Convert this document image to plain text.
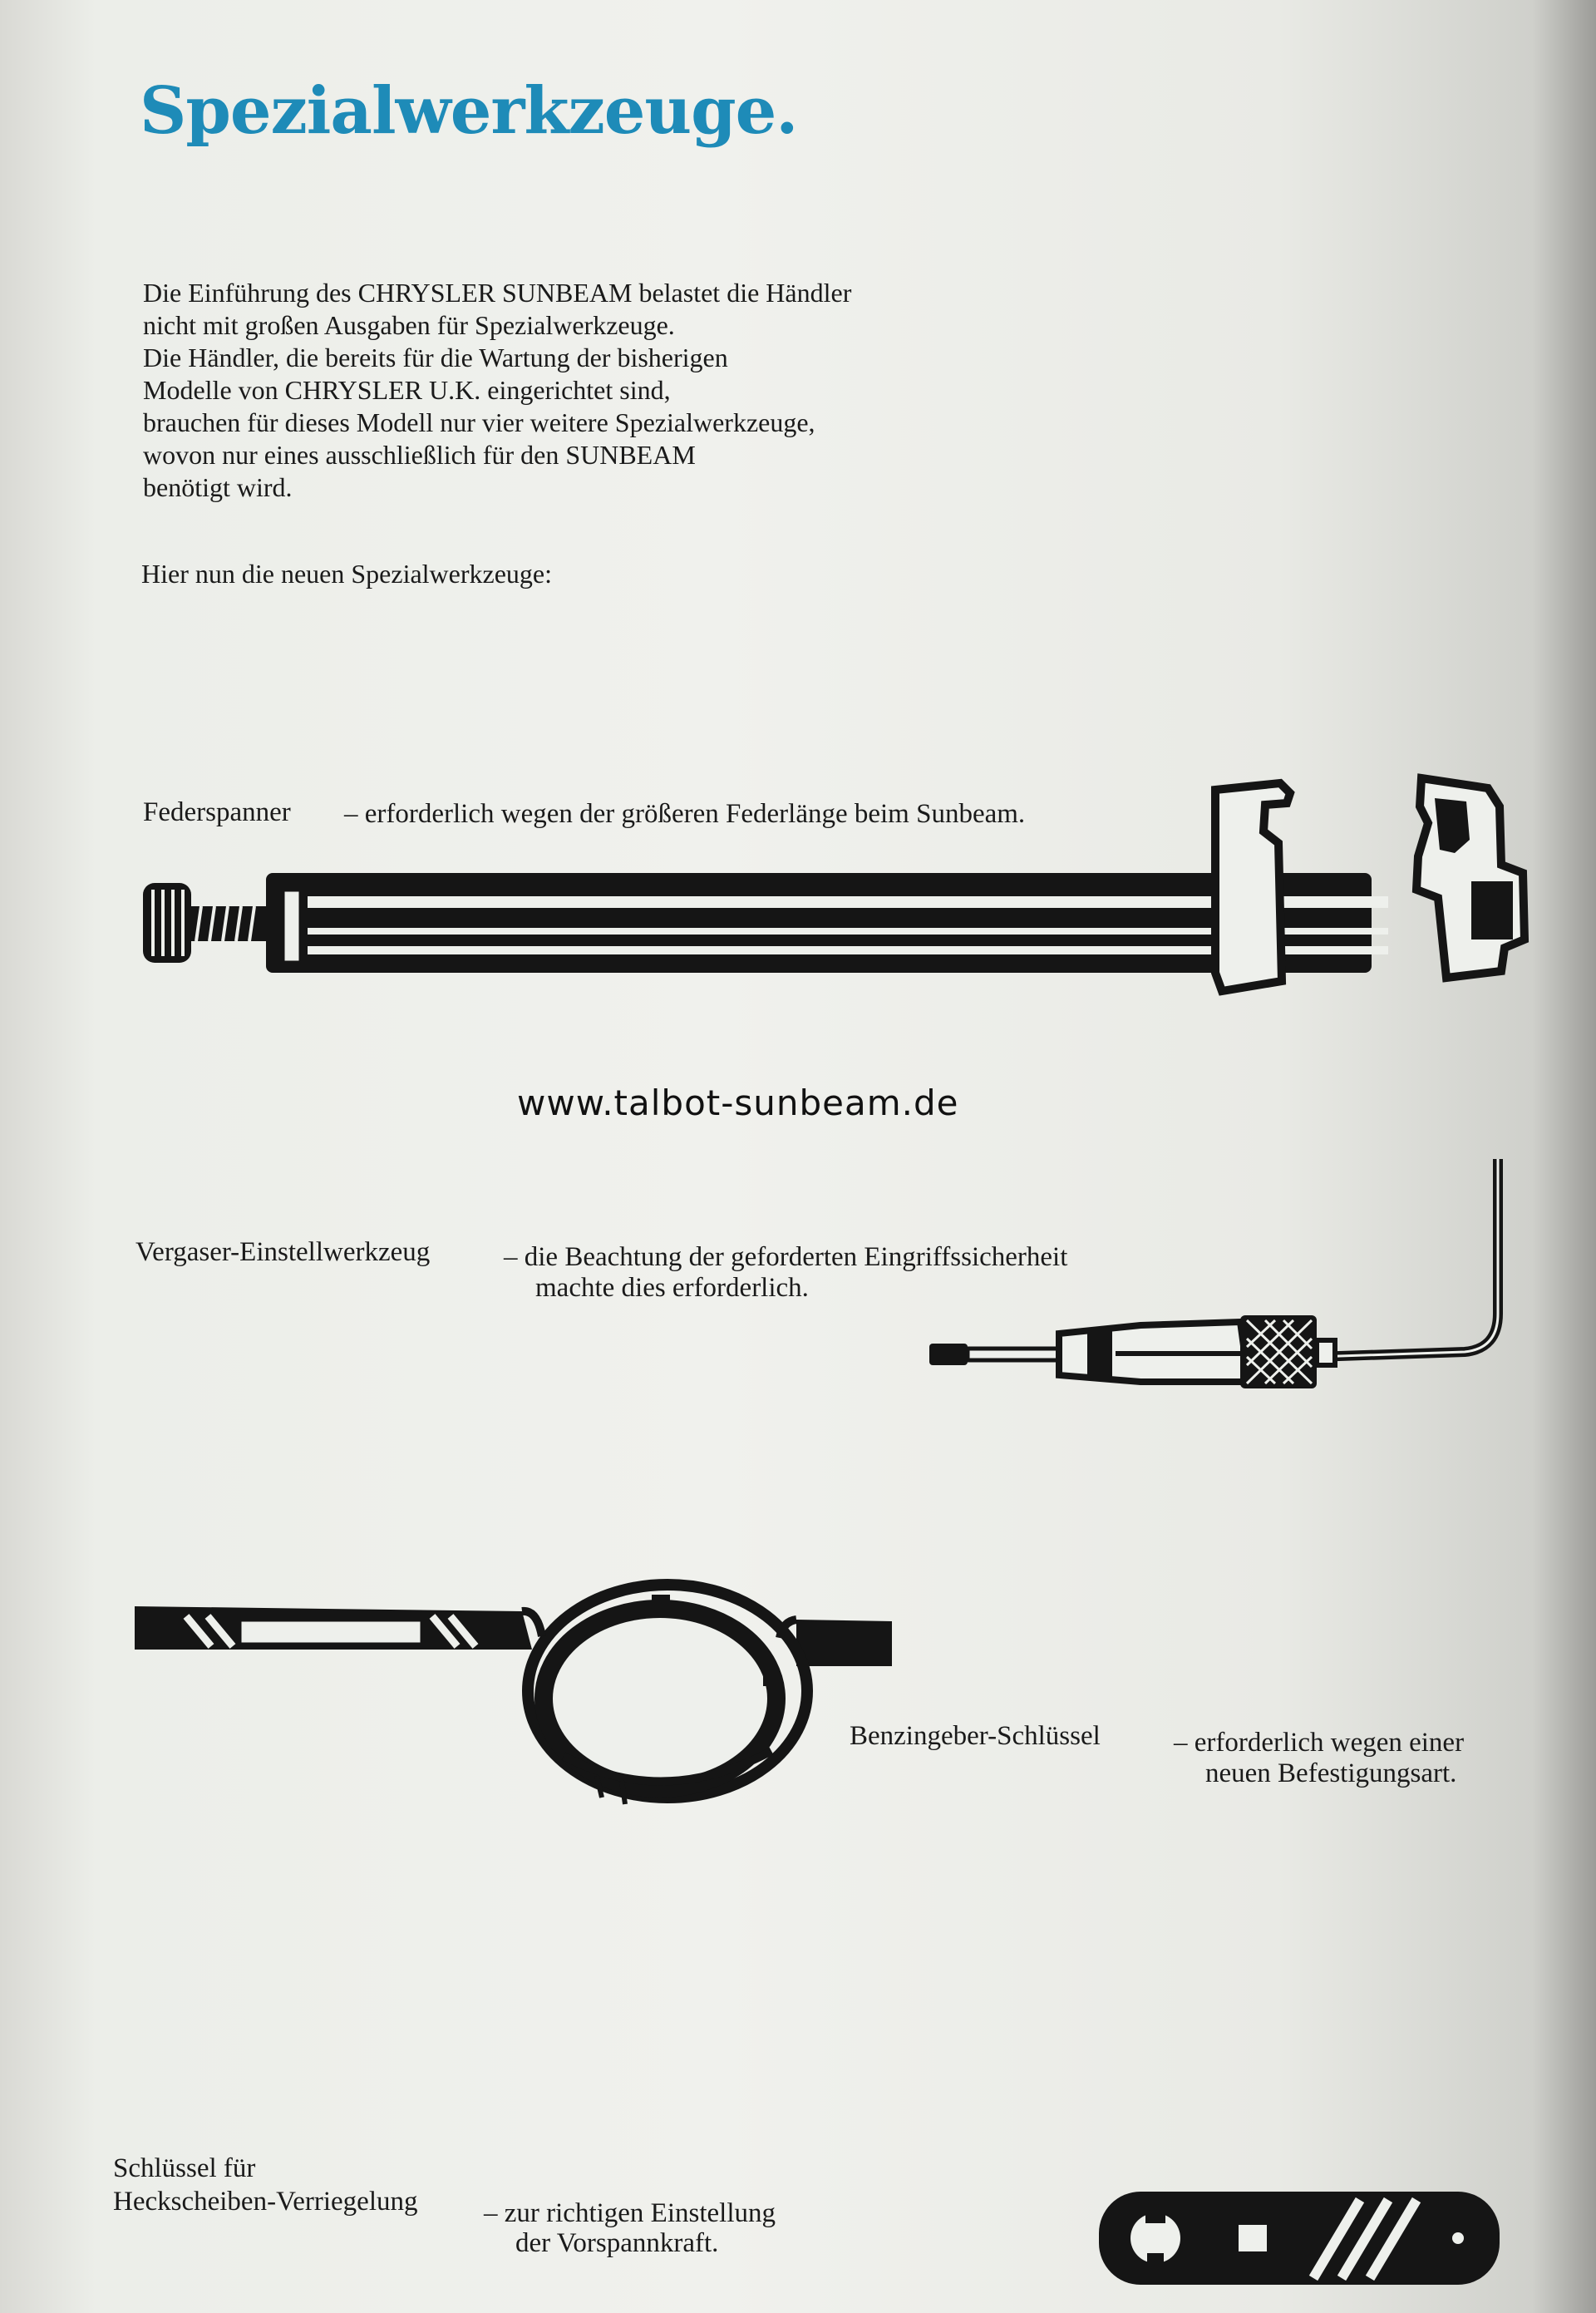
Spezialwerkzeuge.
Die Einführung des CHRYSLER SUNBEAM belastet die Händler
nicht mit großen Ausgaben für Spezialwerkzeuge.
Die Händler, die bereits für die Wartung der bisherigen
Modelle von CHRYSLER U.K. eingerichtet sind,
brauchen für dieses Modell nur vier weitere Spezialwerkzeuge,
wovon nur eines ausschließlich für den SUNBEAM
benötigt wird.
Hier nun die neuen Spezialwerkzeuge:
Federspanner – erforderlich wegen der größeren Federlänge beim Sunbeam.
www.talbot-sunbeam.de
Vergaser-Einstellwerkzeug	– die Beachtung der geforderten Eingriffssicherheit
machte dies erforderlich.
Benzingeber-Schlüssel	– erforderlich wegen einer
neuen Befestigungsart.
Schlüssel für
Heckscheiben-Verriegelung – zur richtigen Einstellung
der Vorspannkraft.
